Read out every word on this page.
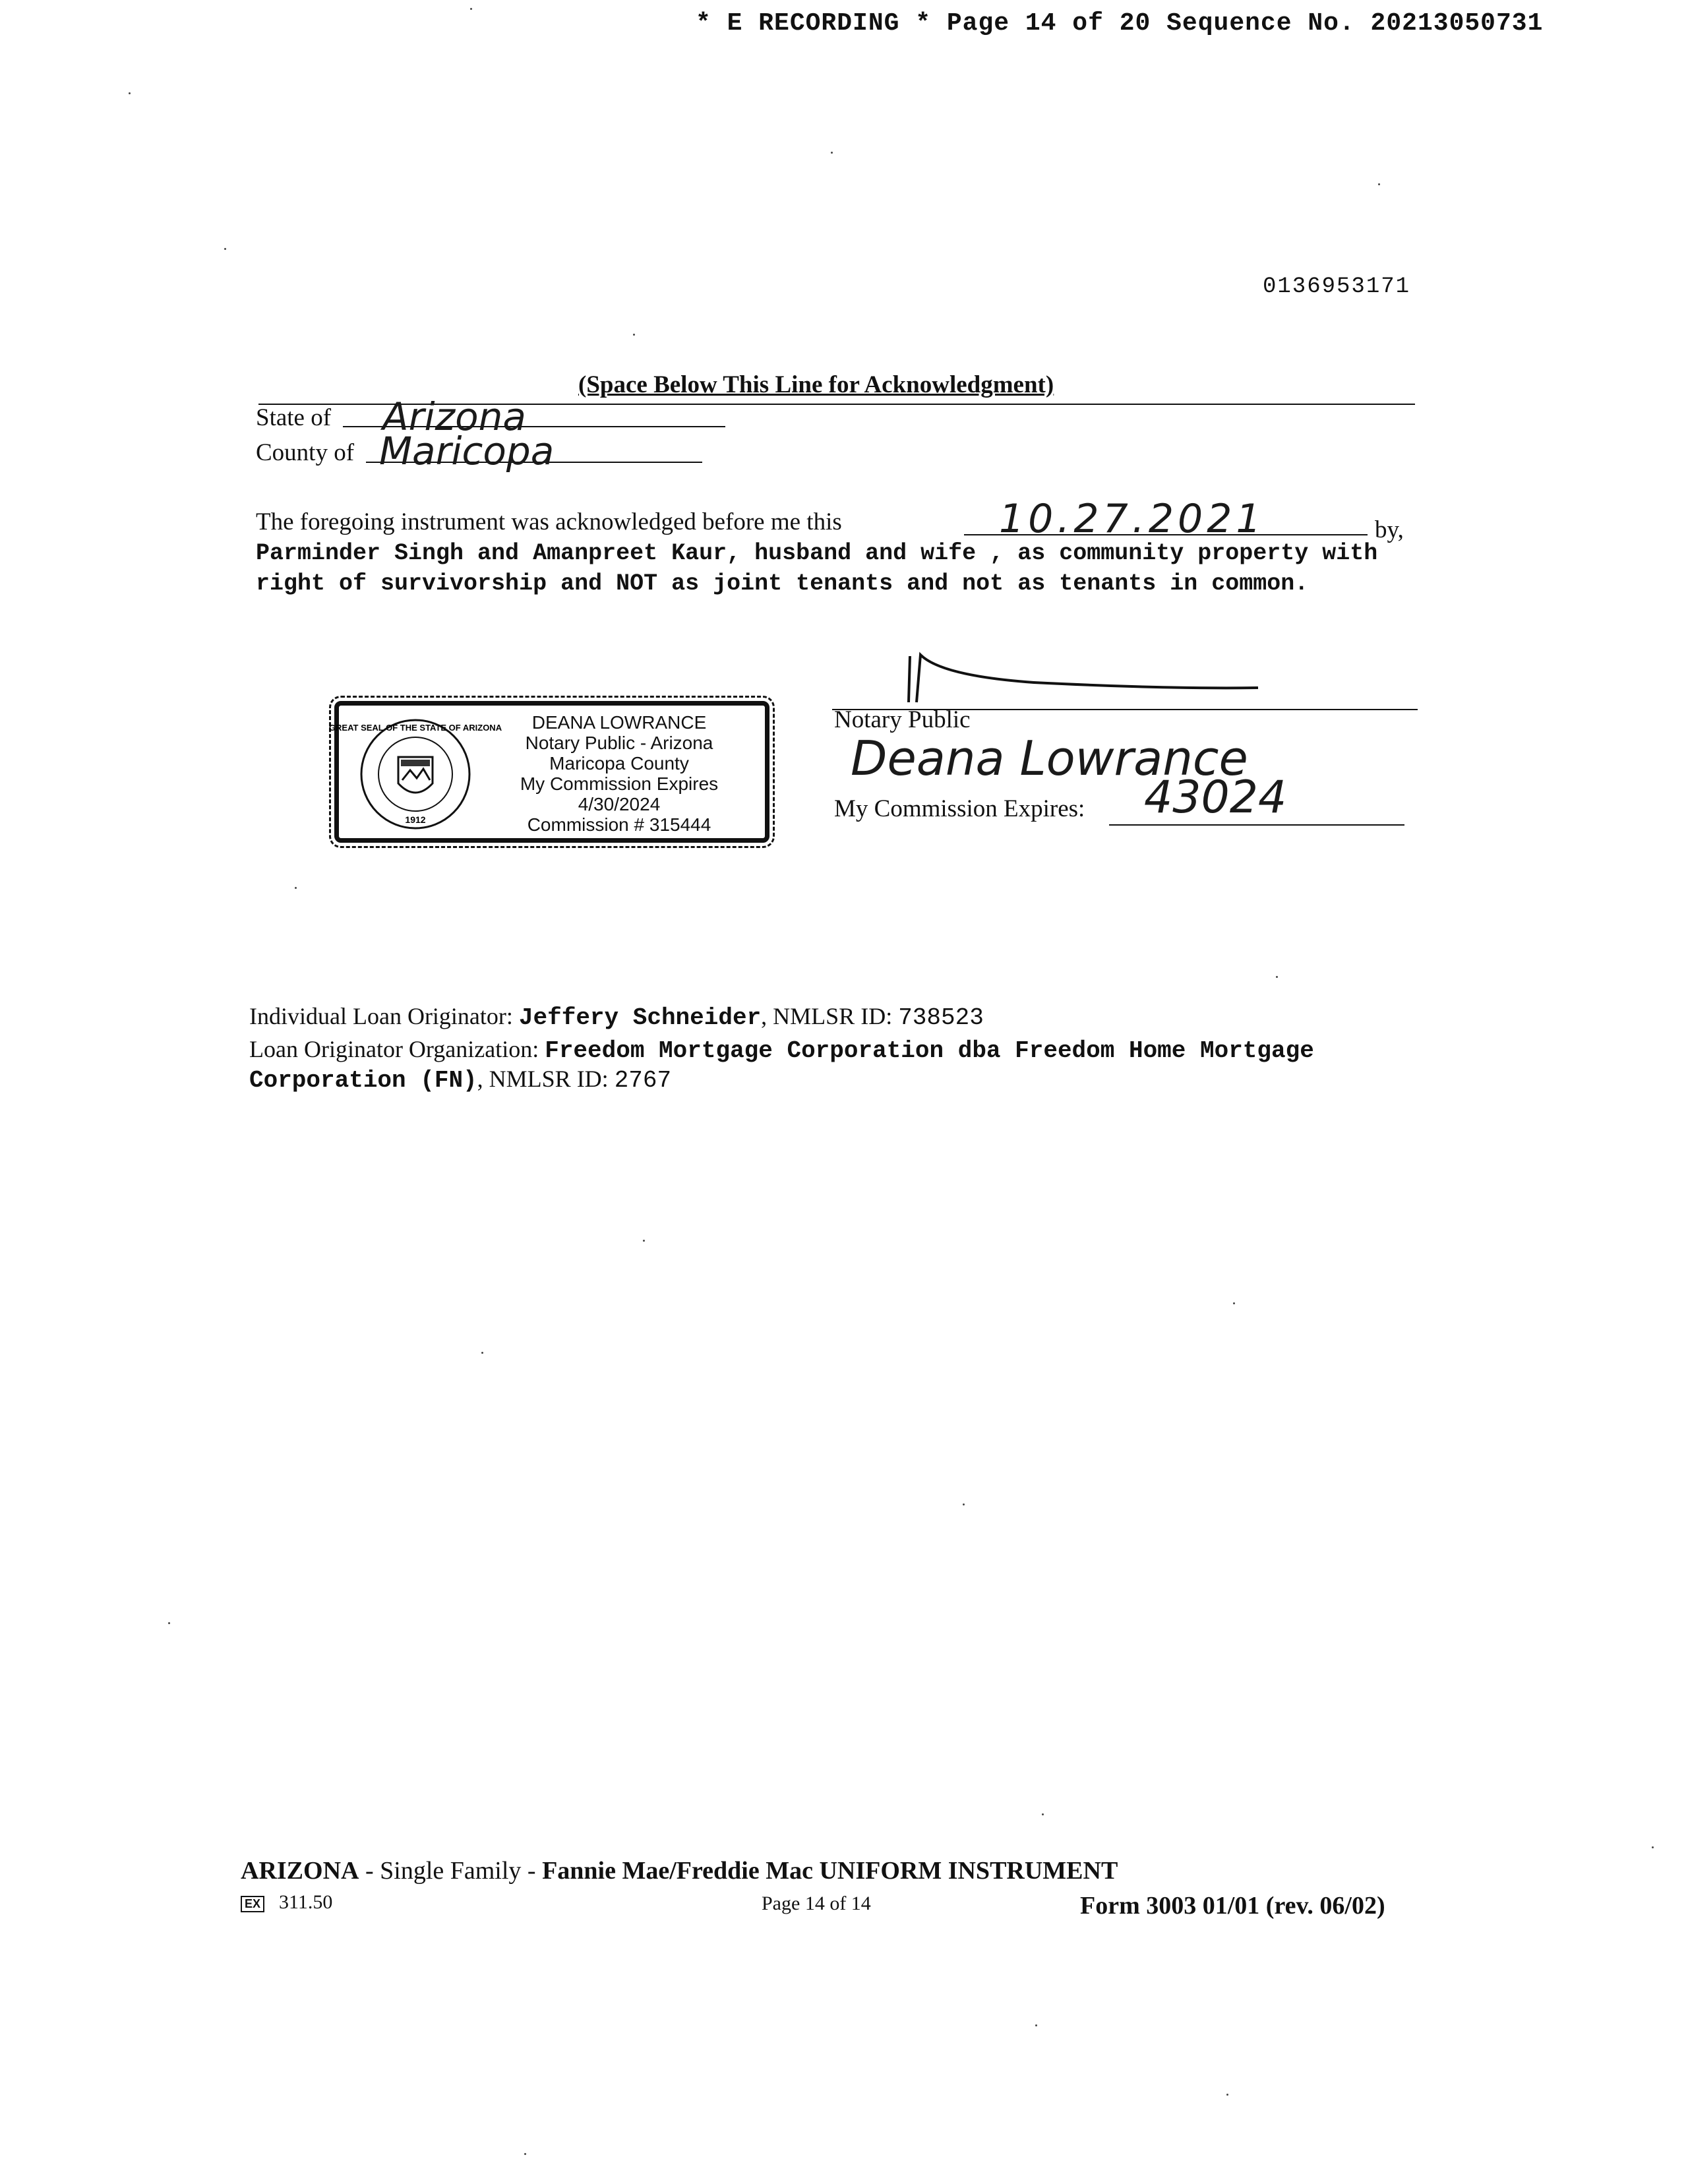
* E RECORDING * Page 14 of 20 Sequence No. 20213050731
0136953171
(Space Below This Line for Acknowledgment)
State of Arizona
County of Maricopa
The foregoing instrument was acknowledged before me this	10.27.2021	by,
Parminder Singh and Amanpreet Kaur, husband and wife , as community property with right of survivorship and NOT as joint tenants and not as tenants in common.
GREAT SEAL OF THE STATE OF ARIZONA
1912
DEANA LOWRANCE
Notary Public - Arizona
Maricopa County
My Commission Expires
4/30/2024
Commission # 315444
Notary Public
Deana Lowrance
My Commission Expires: 43024
Individual Loan Originator: Jeffery Schneider, NMLSR ID: 738523
Loan Originator Organization: Freedom Mortgage Corporation dba Freedom Home Mortgage Corporation (FN), NMLSR ID: 2767
ARIZONA - Single Family - Fannie Mae/Freddie Mac UNIFORM INSTRUMENT
EX 311.50	Page 14 of 14	Form 3003 01/01 (rev. 06/02)
